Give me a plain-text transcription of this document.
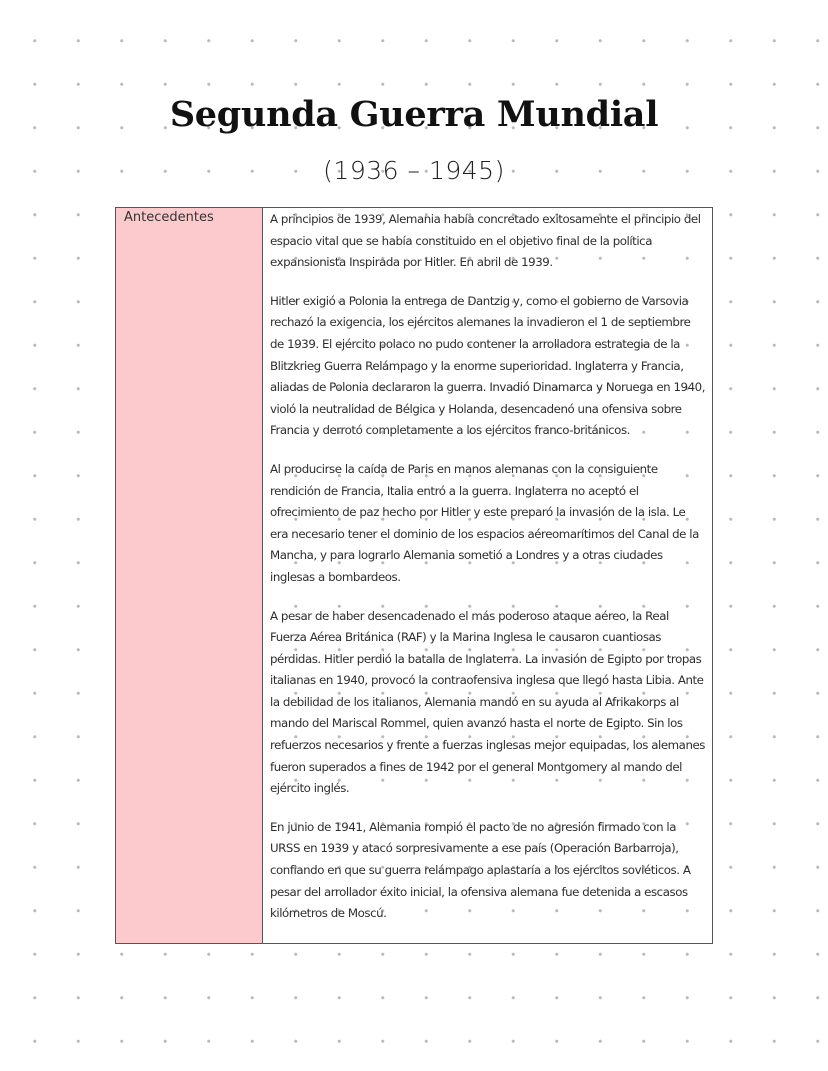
Segunda Guerra Mundial
(1936 – 1945)
Antecedentes	A principios de 1939, Alemania había concretado exitosamente el principio del espacio vital que se había constituido en el objetivo final de la política expansionista Inspirada por Hitler. En abril de 1939.

Hitler exigió a Polonia la entrega de Dantzig y, como el gobierno de Varsovia rechazó la exigencia, los ejércitos alemanes la invadieron el 1 de septiembre de 1939. El ejército polaco no pudo contener la arrolladora estrategia de la Blitzkrieg Guerra Relámpago y la enorme superioridad. Inglaterra y Francia, aliadas de Polonia declararon la guerra. Invadió Dinamarca y Noruega en 1940, violó la neutralidad de Bélgica y Holanda, desencadenó una ofensiva sobre Francia y derrotó completamente a los ejércitos franco-británicos.

Al producirse la caída de Paris en manos alemanas con la consiguiente rendición de Francia, Italia entró a la guerra. Inglaterra no aceptó el ofrecimiento de paz hecho por Hitler y este preparó la invasión de la isla. Le era necesario tener el dominio de los espacios aéreomarítimos del Canal de la Mancha, y para lograrlo Alemania sometió a Londres y a otras ciudades inglesas a bombardeos.

A pesar de haber desencadenado el más poderoso ataque aéreo, la Real Fuerza Aérea Británica (RAF) y la Marina Inglesa le causaron cuantiosas pérdidas. Hitler perdió la batalla de Inglaterra. La invasión de Egipto por tropas italianas en 1940, provocó la contraofensiva inglesa que llegó hasta Libia. Ante la debilidad de los italianos, Alemania mandó en su ayuda al Afrikakorps al mando del Mariscal Rommel, quien avanzó hasta el norte de Egipto. Sin los refuerzos necesarios y frente a fuerzas inglesas mejor equipadas, los alemanes fueron superados a fines de 1942 por el general Montgomery al mando del ejército inglés.

En junio de 1941, Alemania rompió el pacto de no agresión firmado con la URSS en 1939 y atacó sorpresivamente a ese país (Operación Barbarroja), confiando en que su guerra relámpago aplastaría a los ejércitos soviéticos. A pesar del arrollador éxito inicial, la ofensiva alemana fue detenida a escasos kilómetros de Moscú.
